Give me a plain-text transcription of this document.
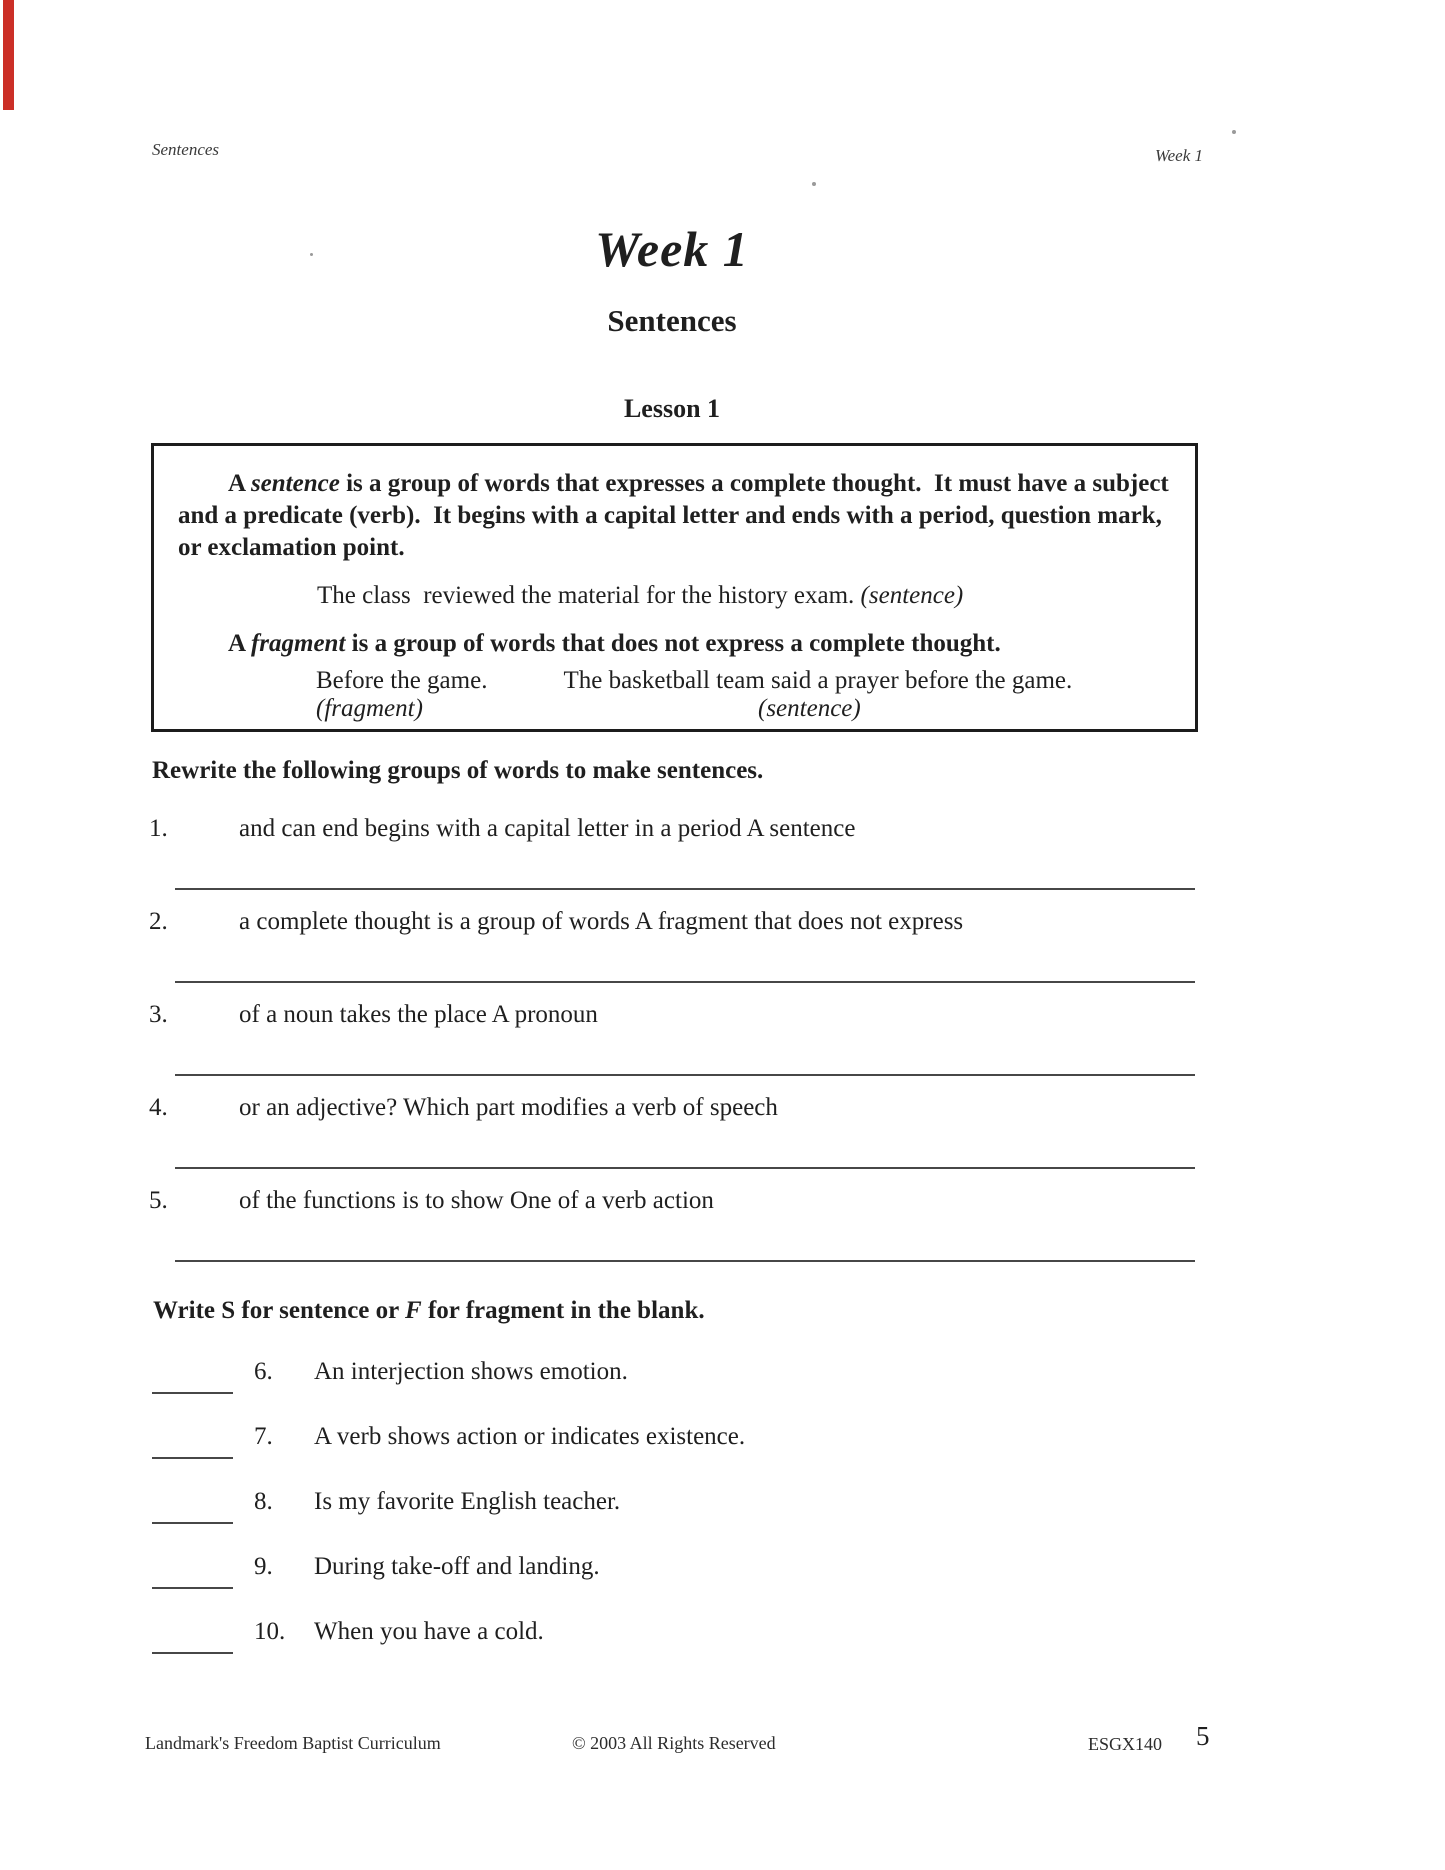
Sentences	Week 1
Week 1
Sentences
Lesson 1
A sentence is a group of words that expresses a complete thought.  It must have a subject and a predicate (verb).  It begins with a capital letter and ends with a period, question mark, or exclamation point.
The class  reviewed the material for the history exam. (sentence)
A fragment is a group of words that does not express a complete thought.
Before the game.	The basketball team said a prayer before the game.
(fragment)	(sentence)
Rewrite the following groups of words to make sentences.
1.	and can end begins with a capital letter in a period A sentence
2.	a complete thought is a group of words A fragment that does not express
3.	of a noun takes the place A pronoun
4.	or an adjective? Which part modifies a verb of speech
5.	of the functions is to show One of a verb action
Write S for sentence or F for fragment in the blank.
6. An interjection shows emotion.
7. A verb shows action or indicates existence.
8. Is my favorite English teacher.
9. During take-off and landing.
10. When you have a cold.
Landmark's Freedom Baptist Curriculum	© 2003 All Rights Reserved	ESGX140 5
